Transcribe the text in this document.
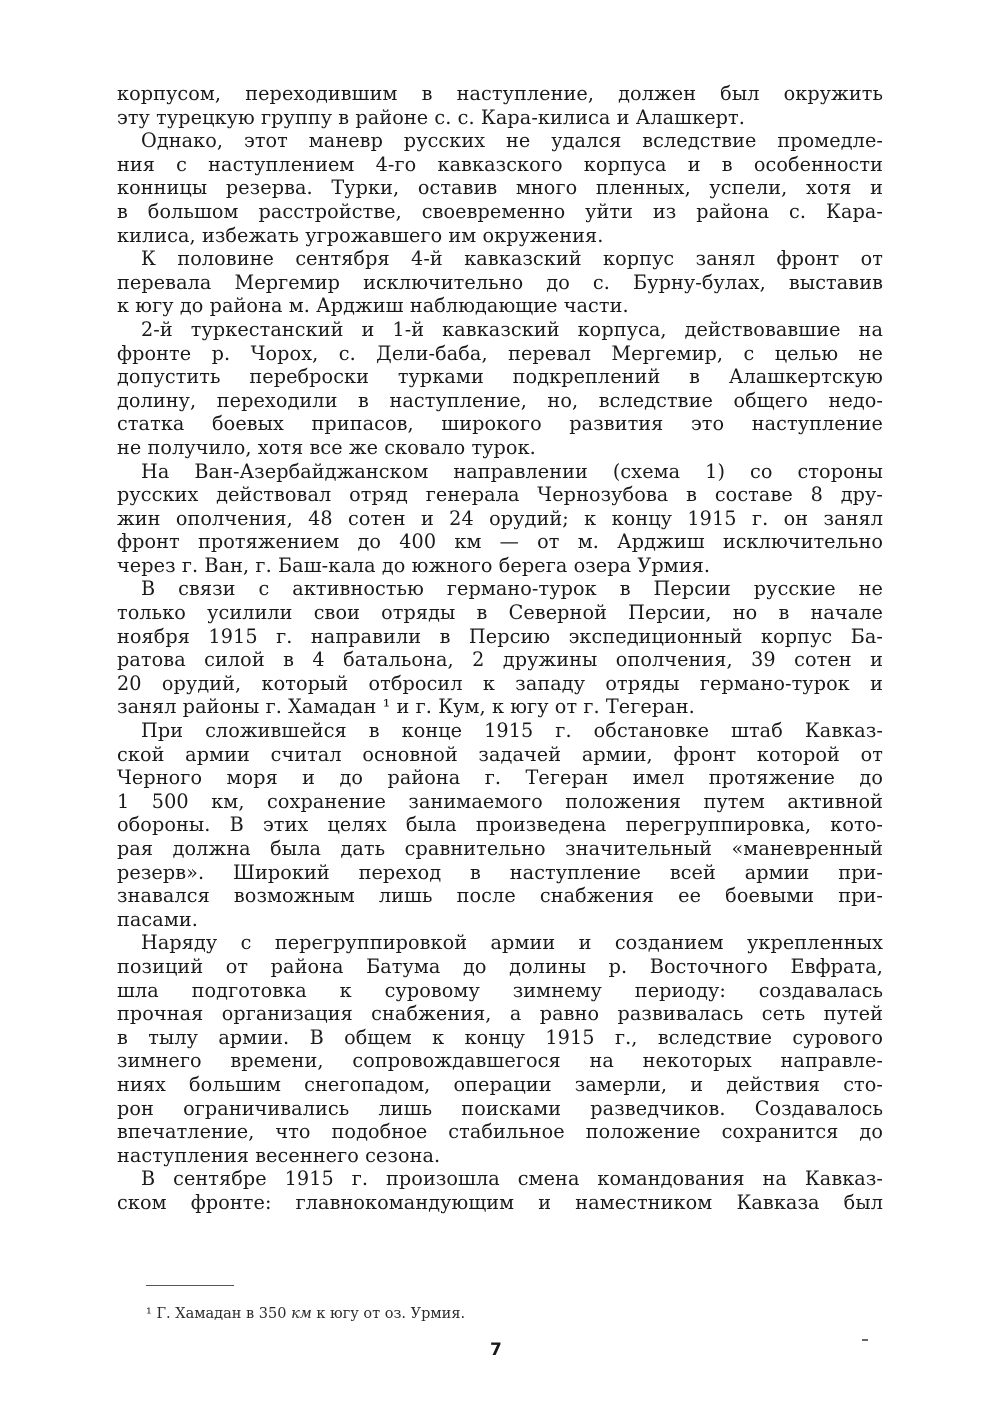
корпусом, переходившим в наступление, должен был окружить
эту турецкую группу в районе с. с. Кара-килиса и Алашкерт.
Однако, этот маневр русских не удался вследствие промедле-
ния с наступлением 4-го кавказского корпуса и в особенности
конницы резерва. Турки, оставив много пленных, успели, хотя и
в большом расстройстве, своевременно уйти из района с. Кара-
килиса, избежать угрожавшего им окружения.
К половине сентября 4-й кавказский корпус занял фронт от
перевала Мергемир исключительно до с. Бурну-булах, выставив
к югу до района м. Арджиш наблюдающие части.
2-й туркестанский и 1-й кавказский корпуса, действовавшие на
фронте р. Чорох, с. Дели-баба, перевал Мергемир, с целью не
допустить переброски турками подкреплений в Алашкертскую
долину, переходили в наступление, но, вследствие общего недо-
статка боевых припасов, широкого развития это наступление
не получило, хотя все же сковало турок.
На Ван-Азербайджанском направлении (схема 1) со стороны
русских действовал отряд генерала Чернозубова в составе 8 дру-
жин ополчения, 48 сотен и 24 орудий; к концу 1915 г. он занял
фронт протяжением до 400 км — от м. Арджиш исключительно
через г. Ван, г. Баш-кала до южного берега озера Урмия.
В связи с активностью германо-турок в Персии русские не
только усилили свои отряды в Северной Персии, но в начале
ноября 1915 г. направили в Персию экспедиционный корпус Ба-
ратова силой в 4 батальона, 2 дружины ополчения, 39 сотен и
20 орудий, который отбросил к западу отряды германо-турок и
занял районы г. Хамадан ¹ и г. Кум, к югу от г. Тегеран.
При сложившейся в конце 1915 г. обстановке штаб Кавказ-
ской армии считал основной задачей армии, фронт которой от
Черного моря и до района г. Тегеран имел протяжение до
1 500 км, сохранение занимаемого положения путем активной
обороны. В этих целях была произведена перегруппировка, кото-
рая должна была дать сравнительно значительный «маневренный
резерв». Широкий переход в наступление всей армии при-
знавался возможным лишь после снабжения ее боевыми при-
пасами.
Наряду с перегруппировкой армии и созданием укрепленных
позиций от района Батума до долины р. Восточного Евфрата,
шла подготовка к суровому зимнему периоду: создавалась
прочная организация снабжения, а равно развивалась сеть путей
в тылу армии. В общем к концу 1915 г., вследствие сурового
зимнего времени, сопровождавшегося на некоторых направле-
ниях большим снегопадом, операции замерли, и действия сто-
рон ограничивались лишь поисками разведчиков. Создавалось
впечатление, что подобное стабильное положение сохранится до
наступления весеннего сезона.
В сентябре 1915 г. произошла смена командования на Кавказ-
ском фронте: главнокомандующим и наместником Кавказа был
¹ Г. Хамадан в 350 км к югу от оз. Урмия.
7
